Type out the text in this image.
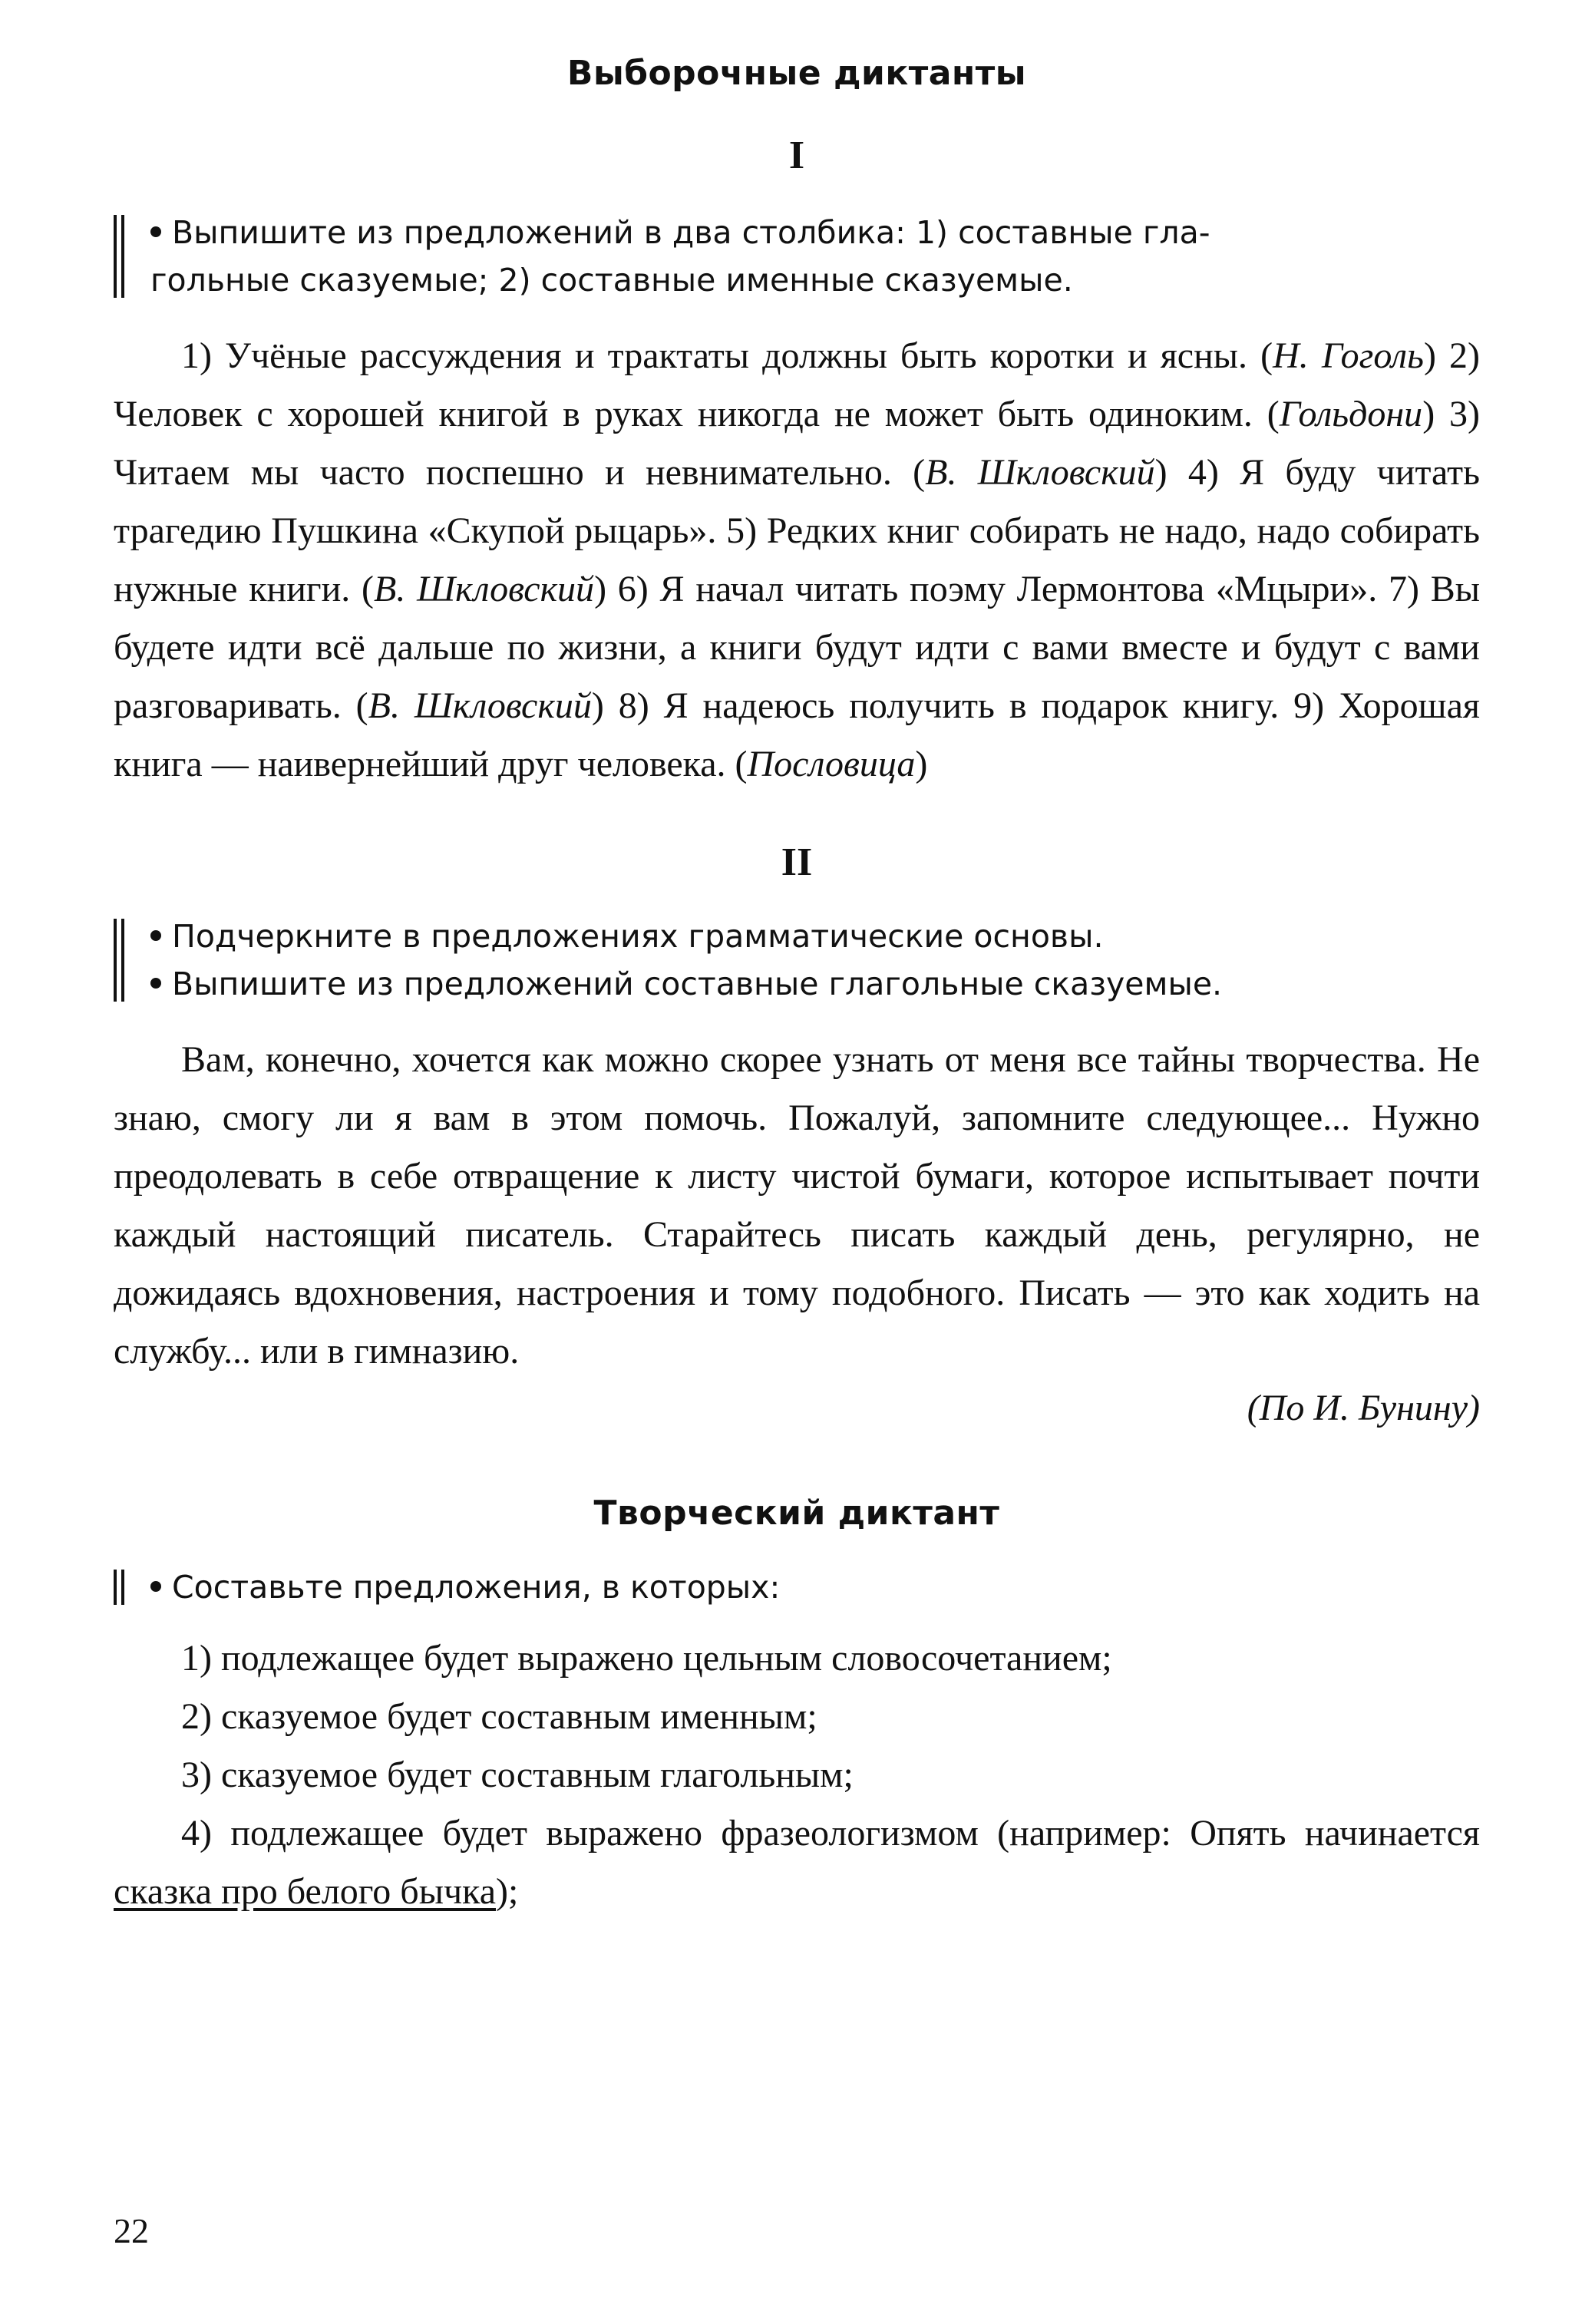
Выборочные диктанты

I

Выпишите из предложений в два столбика: 1) составные гла-

гольные сказуемые; 2) составные именные сказуемые.

1) Учёные рассуждения и трактаты должны быть коротки и ясны. (Н. Гоголь) 2) Человек с хорошей книгой в руках никогда не может быть одиноким. (Гольдони) 3) Читаем мы часто поспешно и невнимательно. (В. Шкловский) 4) Я буду читать трагедию Пушкина «Скупой рыцарь». 5) Редких книг собирать не надо, надо собирать нужные книги. (В. Шкловский) 6) Я начал читать поэму Лермонтова «Мцыри». 7) Вы будете идти всё дальше по жизни, а книги будут идти с вами вместе и будут с вами разговаривать. (В. Шкловский) 8) Я надеюсь получить в подарок книгу. 9) Хорошая книга — наивернейший друг человека. (Пословица)

II

Подчеркните в предложениях грамматические основы.

Выпишите из предложений составные глагольные сказуемые.

Вам, конечно, хочется как можно скорее узнать от меня все тайны творчества. Не знаю, смогу ли я вам в этом помочь. Пожалуй, запомните следующее... Нужно преодолевать в себе отвращение к листу чистой бумаги, которое испытывает почти каждый настоящий писатель. Старайтесь писать каждый день, регулярно, не дожидаясь вдохновения, настроения и тому подобного. Писать — это как ходить на службу... или в гимназию.

(По И. Бунину)

Творческий диктант

Составьте предложения, в которых:

1) подлежащее будет выражено цельным словосочетанием;

2) сказуемое будет составным именным;

3) сказуемое будет составным глагольным;

4) подлежащее будет выражено фразеологизмом (например: Опять начинается сказка про белого бычка);

22
